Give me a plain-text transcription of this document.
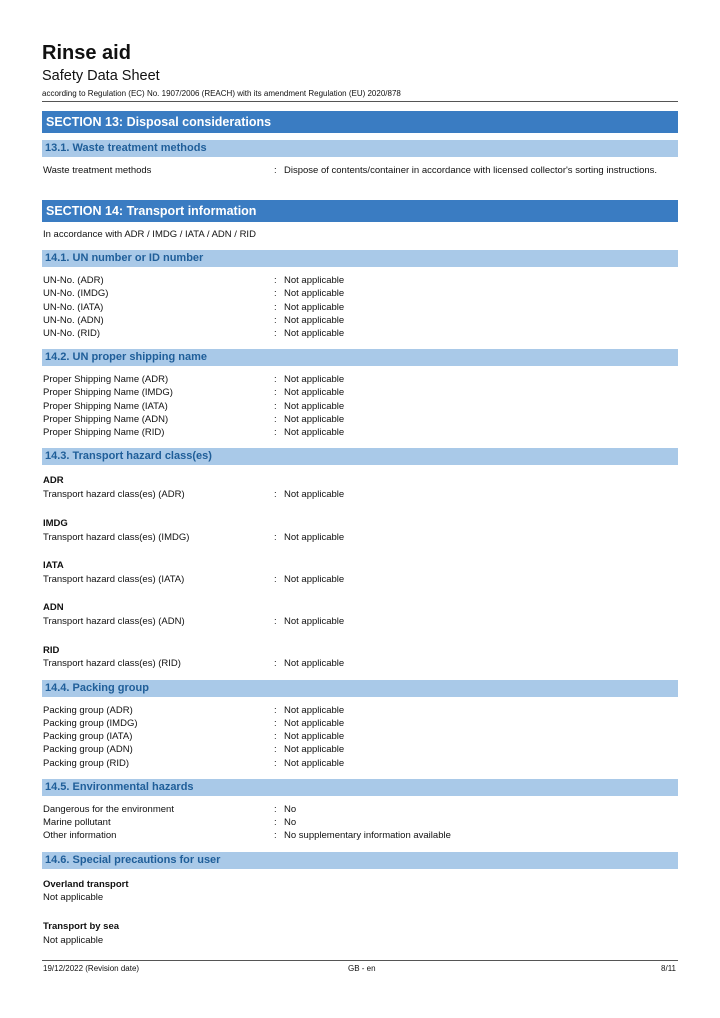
Rinse aid
Safety Data Sheet
according to Regulation (EC) No. 1907/2006 (REACH) with its amendment Regulation (EU) 2020/878
SECTION 13: Disposal considerations
13.1. Waste treatment methods
Waste treatment methods	: Dispose of contents/container in accordance with licensed collector's sorting instructions.
SECTION 14: Transport information
In accordance with ADR / IMDG / IATA / ADN / RID
14.1. UN number or ID number
UN-No. (ADR)	: Not applicable
UN-No. (IMDG)	: Not applicable
UN-No. (IATA)	: Not applicable
UN-No. (ADN)	: Not applicable
UN-No. (RID)	: Not applicable
14.2. UN proper shipping name
Proper Shipping Name (ADR)	: Not applicable
Proper Shipping Name (IMDG)	: Not applicable
Proper Shipping Name (IATA)	: Not applicable
Proper Shipping Name (ADN)	: Not applicable
Proper Shipping Name (RID)	: Not applicable
14.3. Transport hazard class(es)
ADR
Transport hazard class(es) (ADR)	: Not applicable
IMDG
Transport hazard class(es) (IMDG)	: Not applicable
IATA
Transport hazard class(es) (IATA)	: Not applicable
ADN
Transport hazard class(es) (ADN)	: Not applicable
RID
Transport hazard class(es) (RID)	: Not applicable
14.4. Packing group
Packing group (ADR)	: Not applicable
Packing group (IMDG)	: Not applicable
Packing group (IATA)	: Not applicable
Packing group (ADN)	: Not applicable
Packing group (RID)	: Not applicable
14.5. Environmental hazards
Dangerous for the environment	: No
Marine pollutant	: No
Other information	: No supplementary information available
14.6. Special precautions for user
Overland transport
Not applicable
Transport by sea
Not applicable
19/12/2022 (Revision date)	GB - en	8/11
